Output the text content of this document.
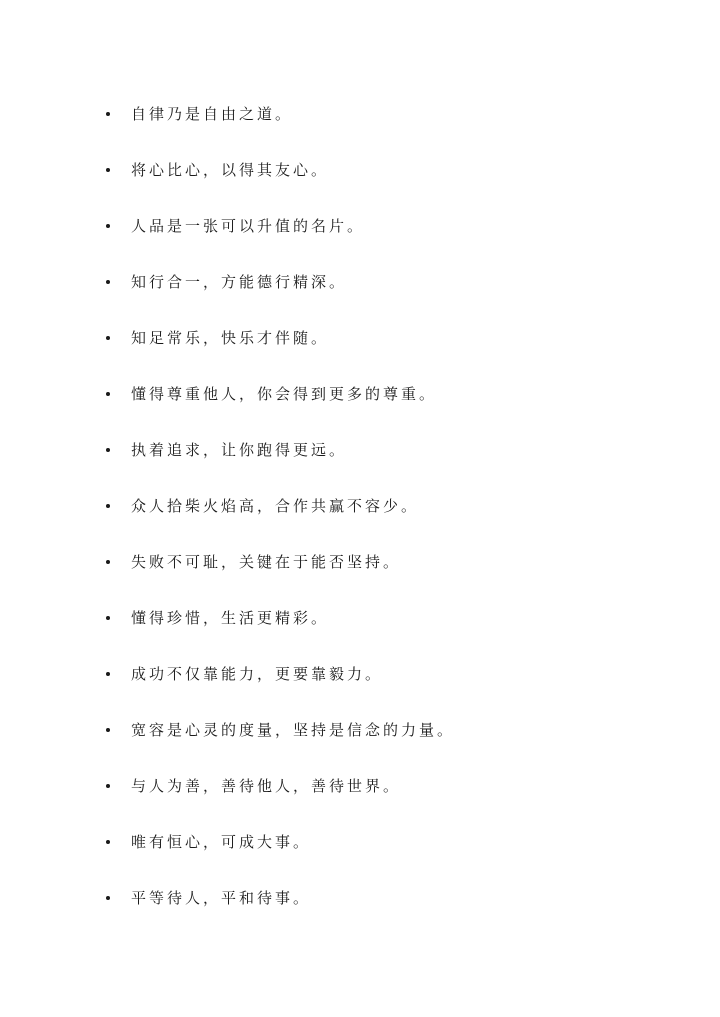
自律乃是自由之道。
将心比心，以得其友心。
人品是一张可以升值的名片。
知行合一，方能德行精深。
知足常乐，快乐才伴随。
懂得尊重他人，你会得到更多的尊重。
执着追求，让你跑得更远。
众人拾柴火焰高，合作共赢不容少。
失败不可耻，关键在于能否坚持。
懂得珍惜，生活更精彩。
成功不仅靠能力，更要靠毅力。
宽容是心灵的度量，坚持是信念的力量。
与人为善，善待他人，善待世界。
唯有恒心，可成大事。
平等待人，平和待事。
